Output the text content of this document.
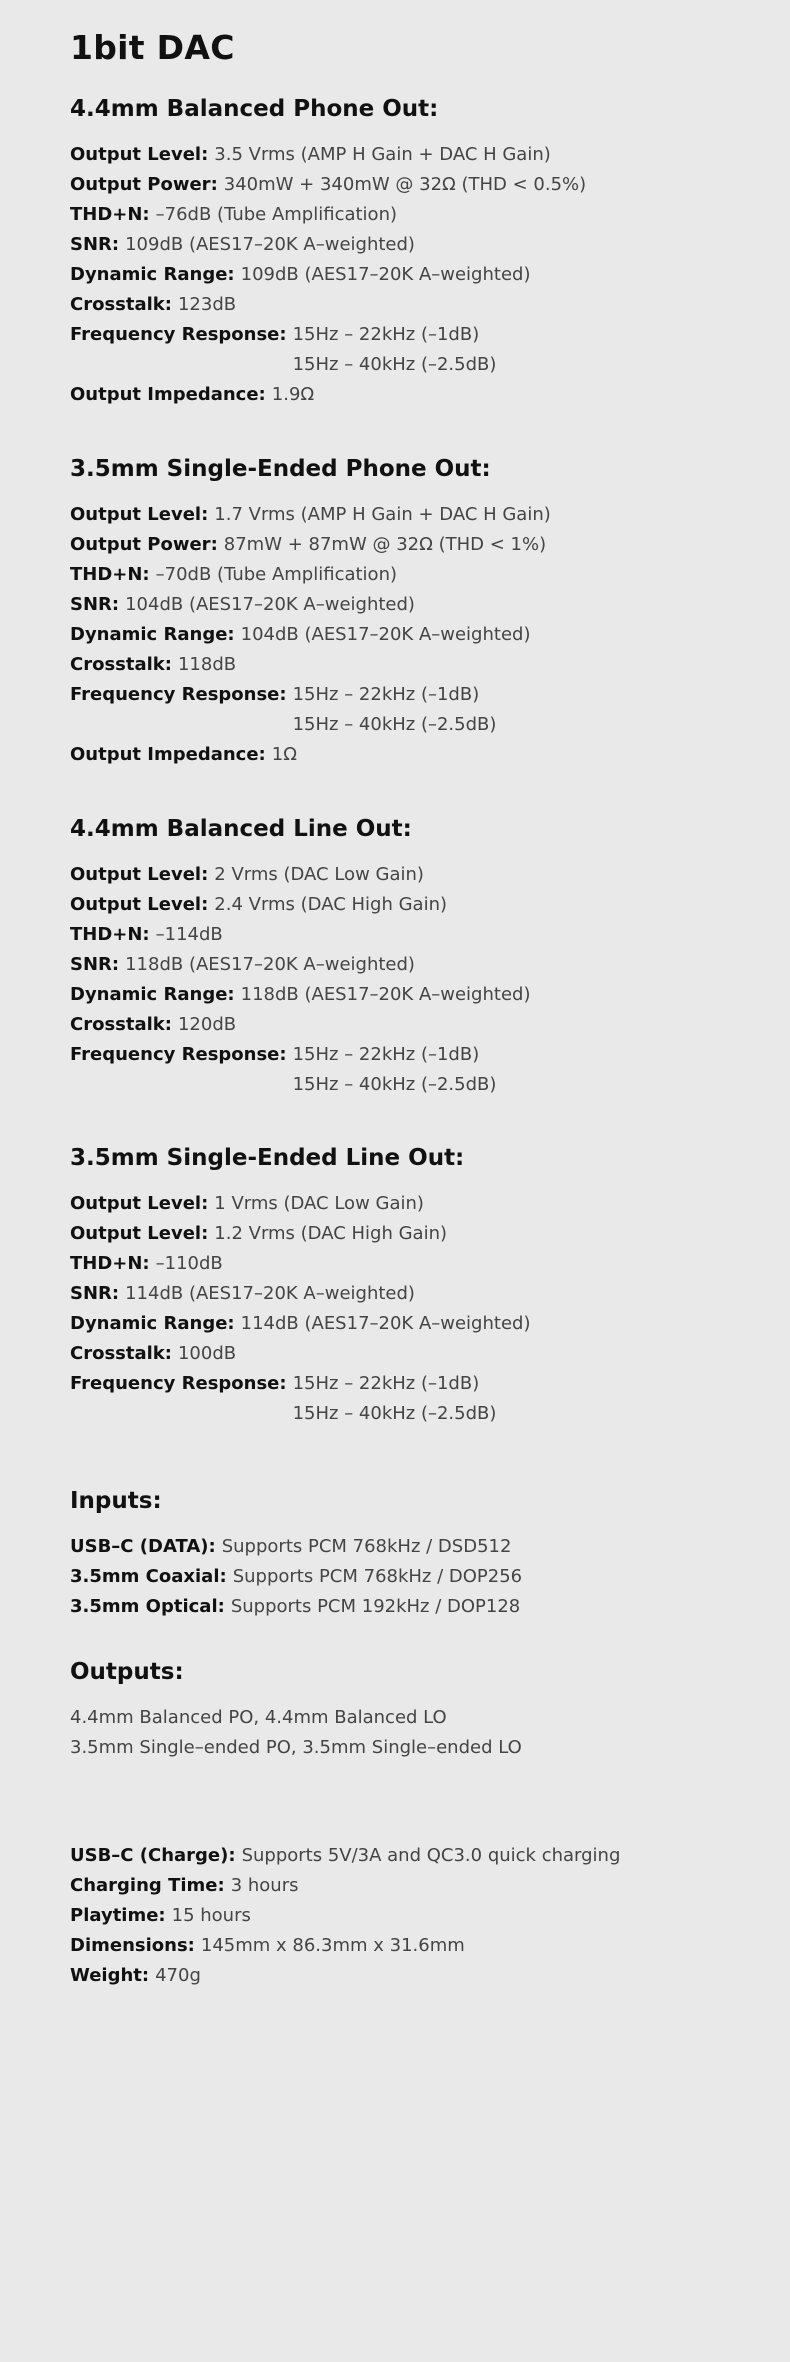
1bit DAC
4.4mm Balanced Phone Out:
Output Level: 3.5 Vrms (AMP H Gain + DAC H Gain)
Output Power: 340mW + 340mW @ 32Ω (THD < 0.5%)
THD+N: –76dB (Tube Amplification)
SNR: 109dB (AES17–20K A–weighted)
Dynamic Range: 109dB (AES17–20K A–weighted)
Crosstalk: 123dB
Frequency Response: 15Hz – 22kHz (–1dB)
15Hz – 40kHz (–2.5dB)
Output Impedance: 1.9Ω
3.5mm Single-Ended Phone Out:
Output Level: 1.7 Vrms (AMP H Gain + DAC H Gain)
Output Power: 87mW + 87mW @ 32Ω (THD < 1%)
THD+N: –70dB (Tube Amplification)
SNR: 104dB (AES17–20K A–weighted)
Dynamic Range: 104dB (AES17–20K A–weighted)
Crosstalk: 118dB
Frequency Response: 15Hz – 22kHz (–1dB)
15Hz – 40kHz (–2.5dB)
Output Impedance: 1Ω
4.4mm Balanced Line Out:
Output Level: 2 Vrms (DAC Low Gain)
Output Level: 2.4 Vrms (DAC High Gain)
THD+N: –114dB
SNR: 118dB (AES17–20K A–weighted)
Dynamic Range: 118dB (AES17–20K A–weighted)
Crosstalk: 120dB
Frequency Response: 15Hz – 22kHz (–1dB)
15Hz – 40kHz (–2.5dB)
3.5mm Single-Ended Line Out:
Output Level: 1 Vrms (DAC Low Gain)
Output Level: 1.2 Vrms (DAC High Gain)
THD+N: –110dB
SNR: 114dB (AES17–20K A–weighted)
Dynamic Range: 114dB (AES17–20K A–weighted)
Crosstalk: 100dB
Frequency Response: 15Hz – 22kHz (–1dB)
15Hz – 40kHz (–2.5dB)
Inputs:
USB–C (DATA): Supports PCM 768kHz / DSD512
3.5mm Coaxial: Supports PCM 768kHz / DOP256
3.5mm Optical: Supports PCM 192kHz / DOP128
Outputs:
4.4mm Balanced PO, 4.4mm Balanced LO
3.5mm Single–ended PO, 3.5mm Single–ended LO
USB–C (Charge): Supports 5V/3A and QC3.0 quick charging
Charging Time: 3 hours
Playtime: 15 hours
Dimensions: 145mm x 86.3mm x 31.6mm
Weight: 470g
